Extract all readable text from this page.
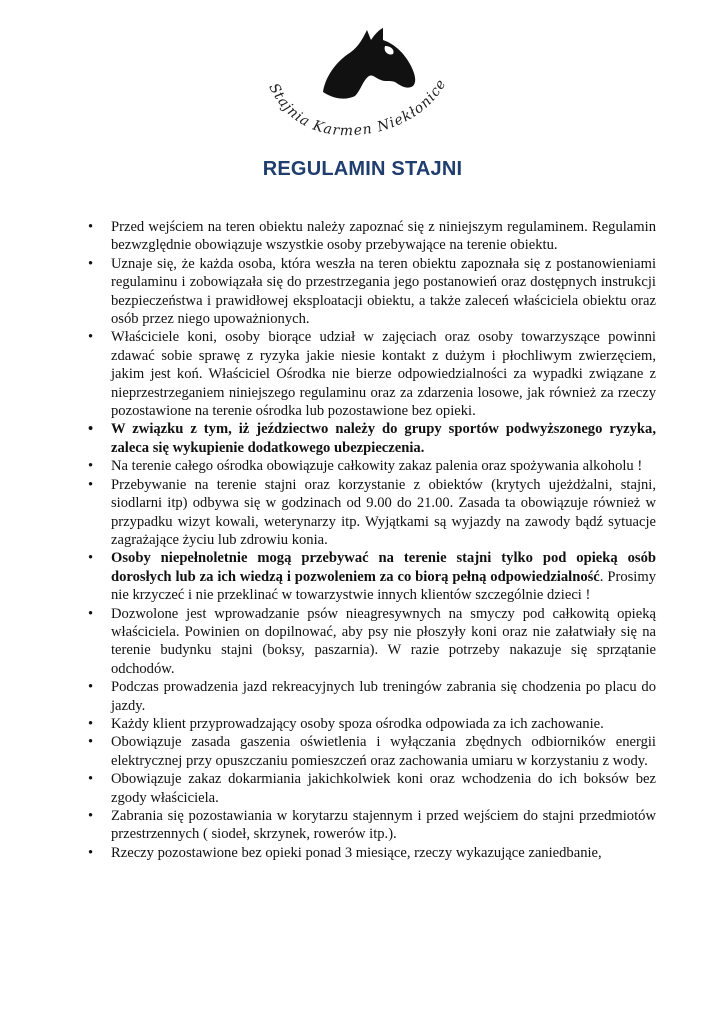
Stajnia Karmen Niekłonice
REGULAMIN STAJNI
• Przed wejściem na teren obiektu należy zapoznać się z niniejszym regulaminem. Regulamin bezwzględnie obowiązuje wszystkie osoby przebywające na terenie obiektu.
• Uznaje się, że każda osoba, która weszła na teren obiektu zapoznała się z postanowieniami regulaminu i zobowiązała się do przestrzegania jego postanowień oraz dostępnych instrukcji bezpieczeństwa i prawidłowej eksploatacji obiektu, a także zaleceń właściciela obiektu oraz osób przez niego upoważnionych.
• Właściciele koni, osoby biorące udział w zajęciach oraz osoby towarzyszące powinni zdawać sobie sprawę z ryzyka jakie niesie kontakt z dużym i płochliwym zwierzęciem, jakim jest koń. Właściciel Ośrodka nie bierze odpowiedzialności za wypadki związane z nieprzestrzeganiem niniejszego regulaminu oraz za zdarzenia losowe, jak również za rzeczy pozostawione na terenie ośrodka lub pozostawione bez opieki.
• W związku z tym, iż jeździectwo należy do grupy sportów podwyższonego ryzyka, zaleca się wykupienie dodatkowego ubezpieczenia.
• Na terenie całego ośrodka obowiązuje całkowity zakaz palenia oraz spożywania alkoholu !
• Przebywanie na terenie stajni oraz korzystanie z obiektów (krytych ujeżdżalni, stajni, siodlarni itp) odbywa się w godzinach od 9.00 do 21.00. Zasada ta obowiązuje również w przypadku wizyt kowali, weterynarzy itp. Wyjątkami są wyjazdy na zawody bądź sytuacje zagrażające życiu lub zdrowiu konia.
• Osoby niepełnoletnie mogą przebywać na terenie stajni tylko pod opieką osób dorosłych lub za ich wiedzą i pozwoleniem za co biorą pełną odpowiedzialność. Prosimy nie krzyczeć i nie przeklinać w towarzystwie innych klientów szczególnie dzieci !
• Dozwolone jest wprowadzanie psów nieagresywnych na smyczy pod całkowitą opieką właściciela. Powinien on dopilnować, aby psy nie płoszyły koni oraz nie załatwiały się na terenie budynku stajni (boksy, paszarnia). W razie potrzeby nakazuje się sprzątanie odchodów.
• Podczas prowadzenia jazd rekreacyjnych lub treningów zabrania się chodzenia po placu do jazdy.
• Każdy klient przyprowadzający osoby spoza ośrodka odpowiada za ich zachowanie.
• Obowiązuje zasada gaszenia oświetlenia i wyłączania zbędnych odbiorników energii elektrycznej przy opuszczaniu pomieszczeń oraz zachowania umiaru w korzystaniu z wody.
• Obowiązuje zakaz dokarmiania jakichkolwiek koni oraz wchodzenia do ich boksów bez zgody właściciela.
• Zabrania się pozostawiania w korytarzu stajennym i przed wejściem do stajni przedmiotów przestrzennych ( siodeł, skrzynek, rowerów itp.).
• Rzeczy pozostawione bez opieki ponad 3 miesiące, rzeczy wykazujące zaniedbanie,
